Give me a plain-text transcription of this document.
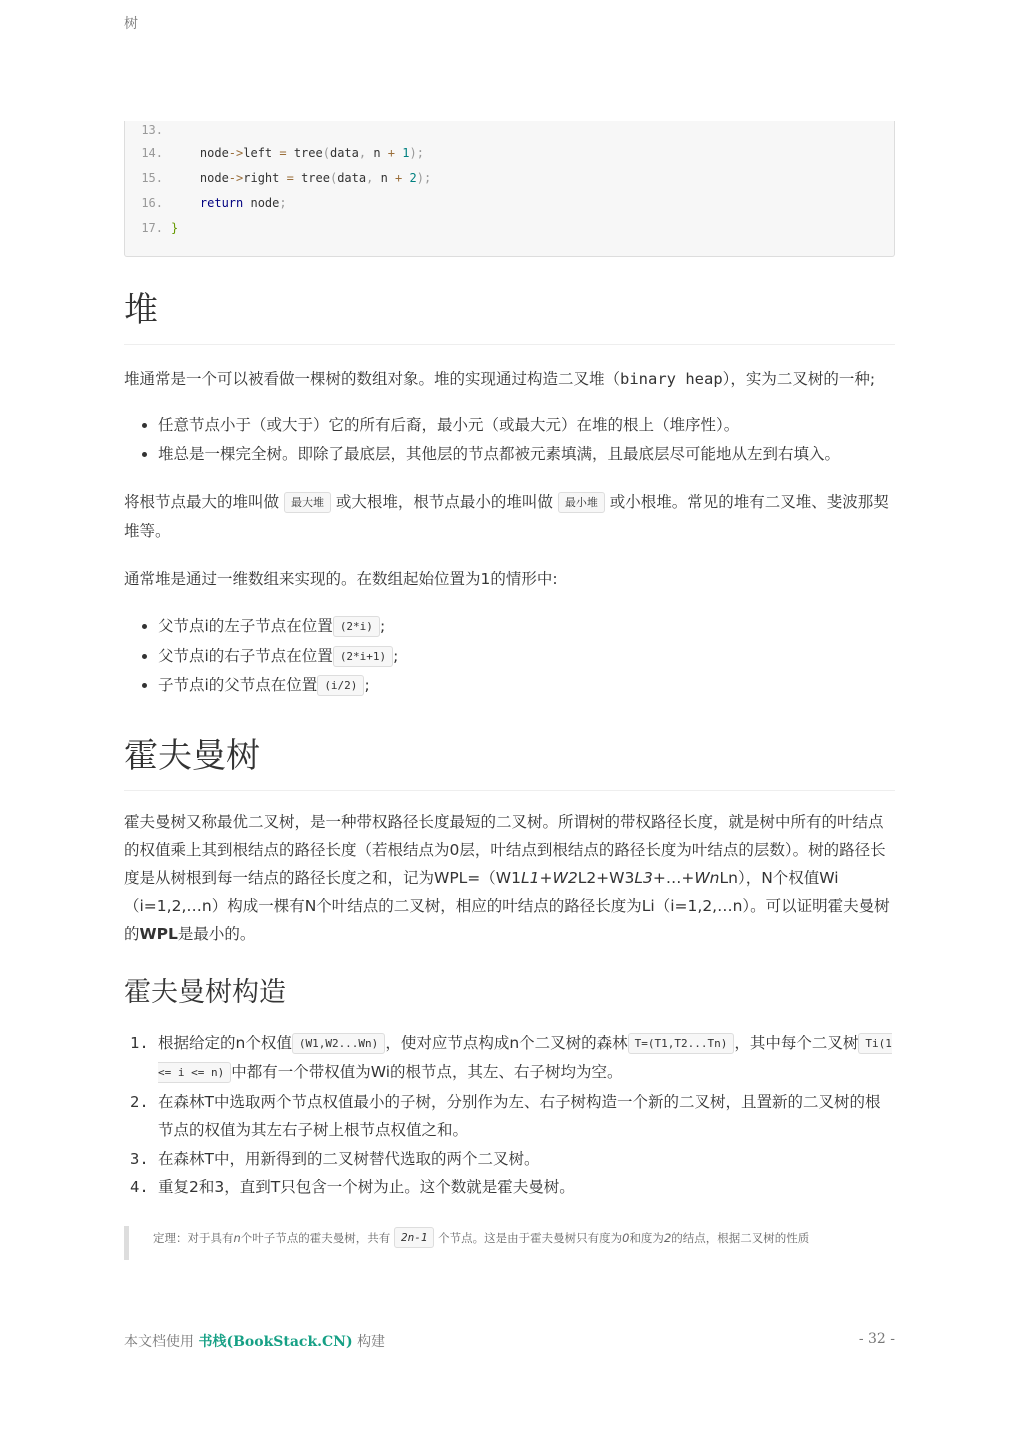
树
13.
14. node -> left = tree ( data , n +
1 );
15. node -> right = tree ( data , n +
2 );
16. return node ;
17. }
堆

堆通常是一个可以被看做一棵树的数组对象。堆的实现通过构造二叉堆（binary heap），实为二叉树的一种;

• 任意节点小于（或大于）它的所有后裔，最小元（或最大元）在堆的根上（堆序性）。
• 堆总是一棵完全树。即除了最底层，其他层的节点都被元素填满，且最底层尽可能地从左到右填入。

将根节点最大的堆叫做 最大堆 或大根堆，根节点最小的堆叫做 最小堆 或小根堆。常见的堆有二叉堆、斐波那契堆等。

通常堆是通过一维数组来实现的。在数组起始位置为1的情形中:

• 父节点i的左子节点在位置 (2*i) ;
• 父节点i的右子节点在位置 (2*i+1) ;
• 子节点i的父节点在位置 (i/2) ;
霍夫曼树

霍夫曼树又称最优二叉树，是一种带权路径长度最短的二叉树。所谓树的带权路径长度，就是树中所有的叶结点的权值乘上其到根结点的路径长度（若根结点为0层，叶结点到根结点的路径长度为叶结点的层数）。树的路径长度是从树根到每一结点的路径长度之和，记为WPL=（W1L1+W2L2+W3L3+…+WnLn），N个权值Wi（i=1,2,…n）构成一棵有N个叶结点的二叉树，相应的叶结点的路径长度为Li（i=1,2,…n）。可以证明霍夫曼树的WPL是最小的。

霍夫曼树构造
1. 根据给定的n个权值 (W1,W2...Wn) ，使对应节点构成n个二叉树的森林 T=(T1,T2...Tn) ，其中每个二叉树 Ti(1 <= i <= n) 中都有一个带权值为Wi的根节点，其左、右子树均为空。
2. 在森林T中选取两个节点权值最小的子树，分别作为左、右子树构造一个新的二叉树，且置新的二叉树的根节点的权值为其左右子树上根节点权值之和。
3. 在森林T中，用新得到的二叉树替代选取的两个二叉树。
4. 重复2和3，直到T只包含一个树为止。这个数就是霍夫曼树。
定理：对于具有n个叶子节点的霍夫曼树，共有 2n-1 个节点。这是由于霍夫曼树只有度为0和度为2的结点，根据二叉树的性质
本文档使用 书栈(BookStack.CN) 构建	- 32 -
